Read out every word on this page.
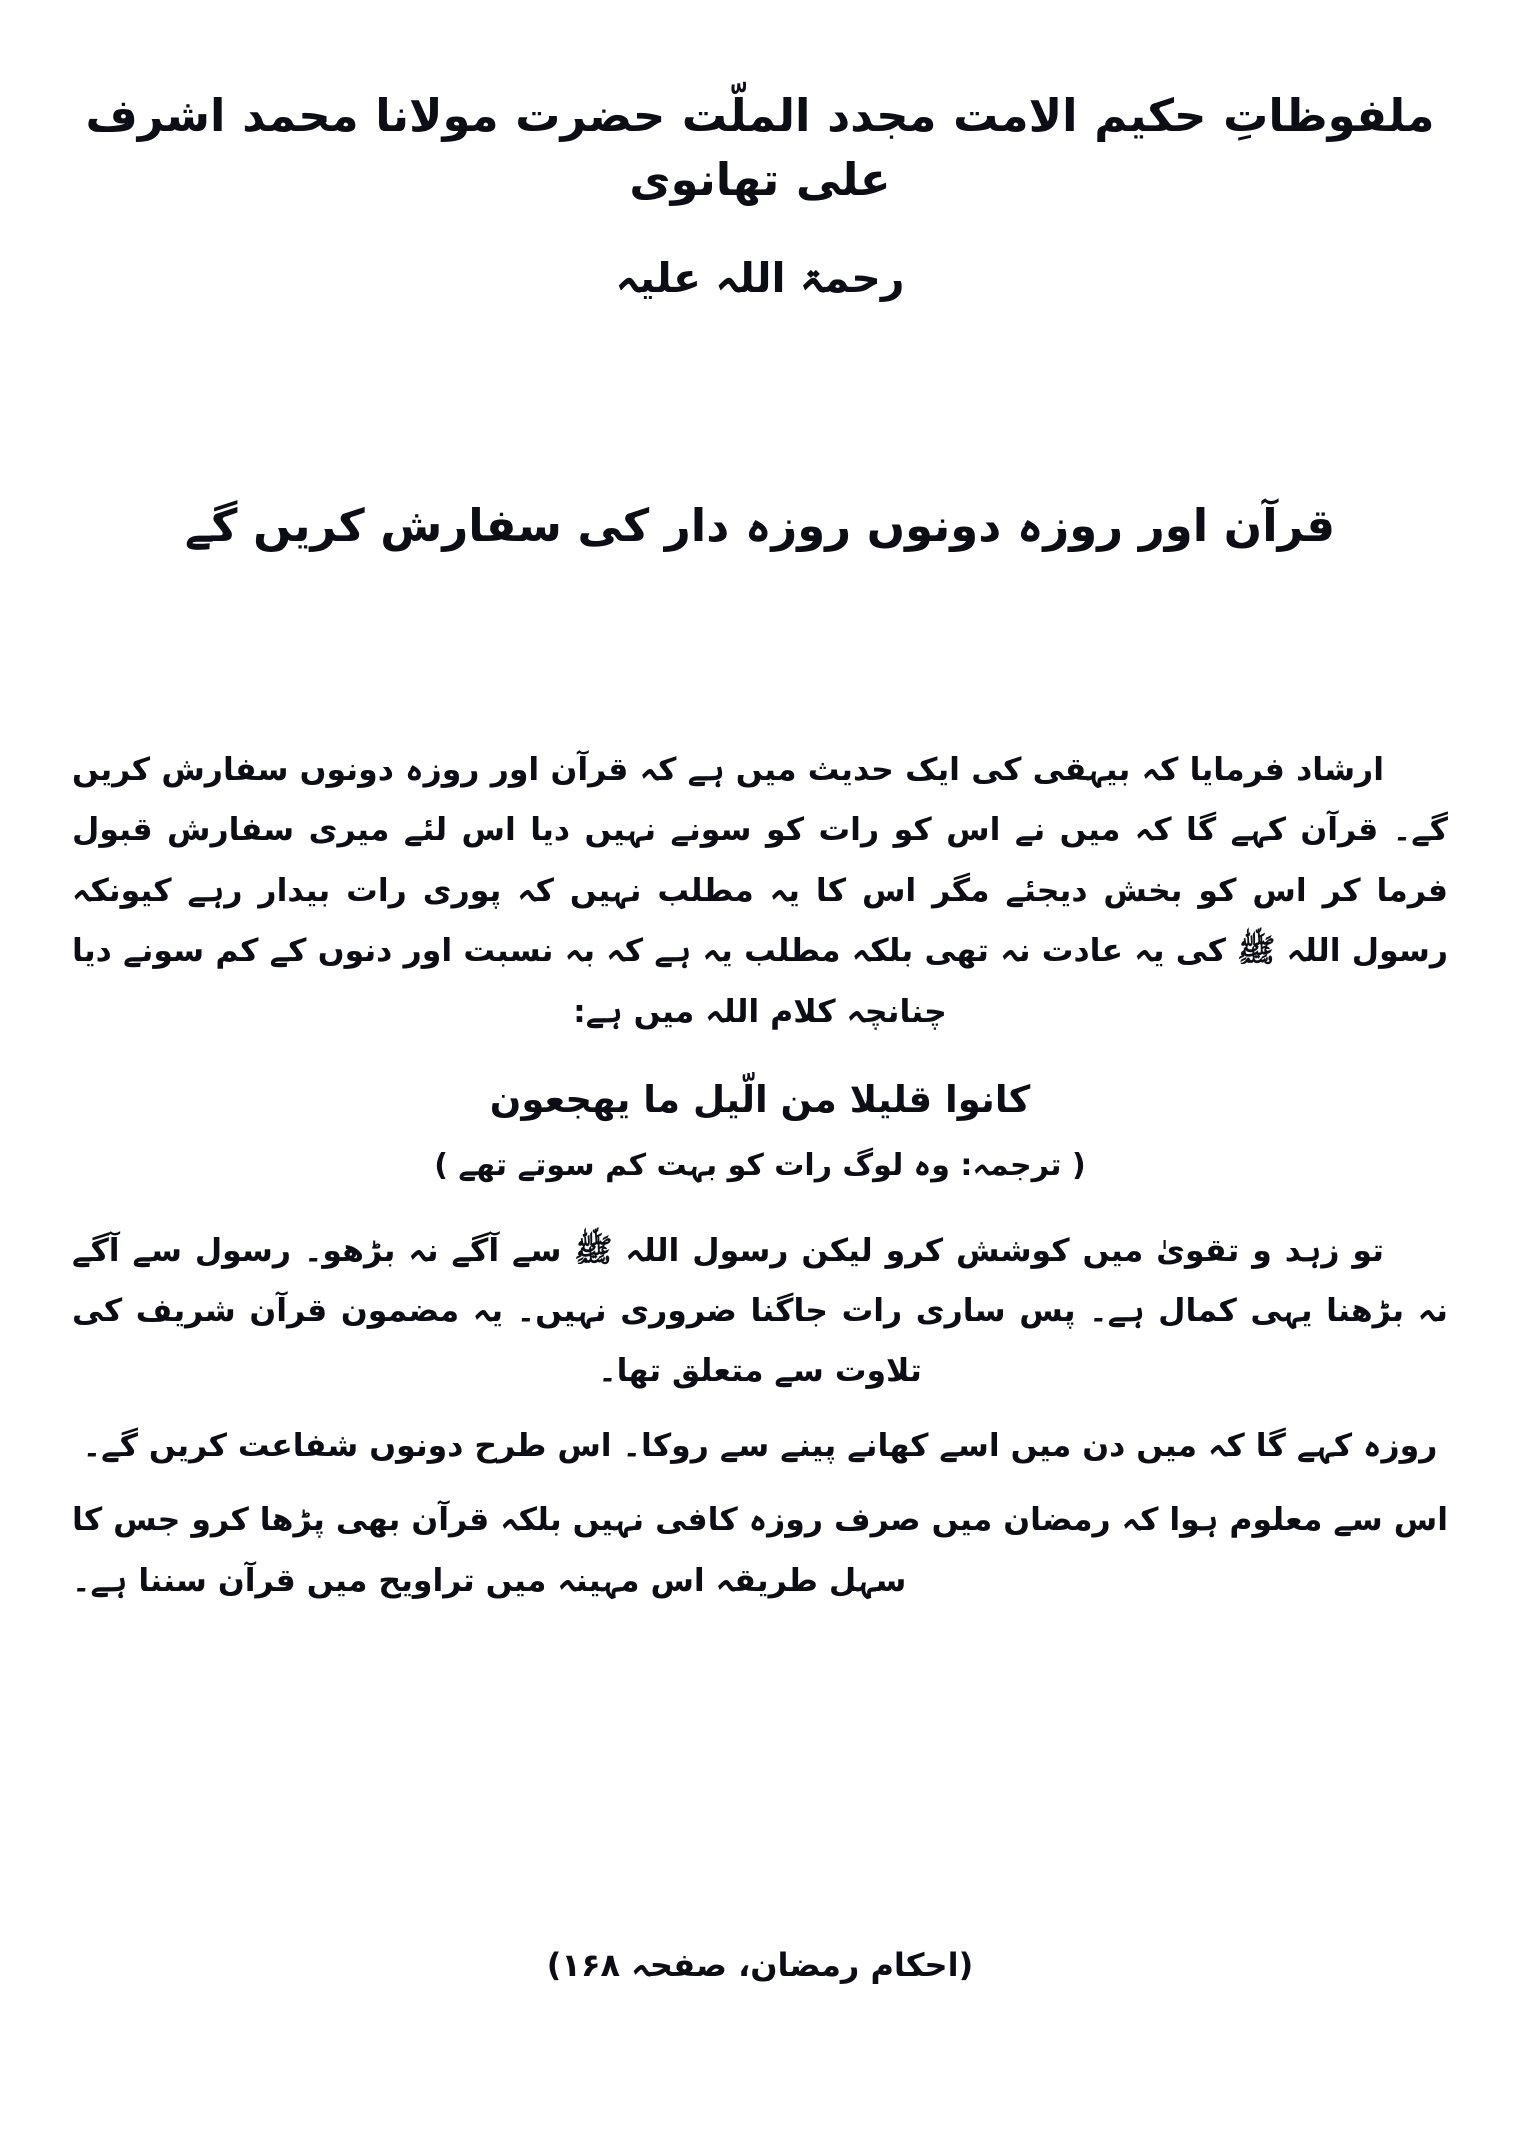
ملفوظاتِ حکیم الامت مجدد الملّت حضرت مولانا محمد اشرف علی تھانوی
رحمۃ اللہ علیہ
قرآن اور روزہ دونوں روزہ دار کی سفارش کریں گے

ارشاد فرمایا کہ بیہقی کی ایک حدیث میں ہے کہ قرآن اور روزہ دونوں سفارش کریں گے۔ قرآن کہے گا کہ میں نے اس کو رات کو سونے نہیں دیا اس لئے میری سفارش قبول فرما کر اس کو بخش دیجئے مگر اس کا یہ مطلب نہیں کہ پوری رات بیدار رہے کیونکہ رسول اللہ ﷺ کی یہ عادت نہ تھی بلکہ مطلب یہ ہے کہ بہ نسبت اور دنوں کے کم سونے دیا چنانچہ کلام اللہ میں ہے:

کانوا قلیلا من الّیل ما یھجعون
( ترجمہ: وہ لوگ رات کو بہت کم سوتے تھے )

تو زہد و تقویٰ میں کوشش کرو لیکن رسول اللہ ﷺ سے آگے نہ بڑھو۔ رسول سے آگے نہ بڑھنا یہی کمال ہے۔ پس ساری رات جاگنا ضروری نہیں۔ یہ مضمون قرآن شریف کی تلاوت سے متعلق تھا۔

روزہ کہے گا کہ میں دن میں اسے کھانے پینے سے روکا۔ اس طرح دونوں شفاعت کریں گے۔

اس سے معلوم ہوا کہ رمضان میں صرف روزہ کافی نہیں بلکہ قرآن بھی پڑھا کرو جس کا سہل طریقہ اس مہینہ میں تراویح میں قرآن سننا ہے۔

(احکام رمضان، صفحہ ۱۶۸)
